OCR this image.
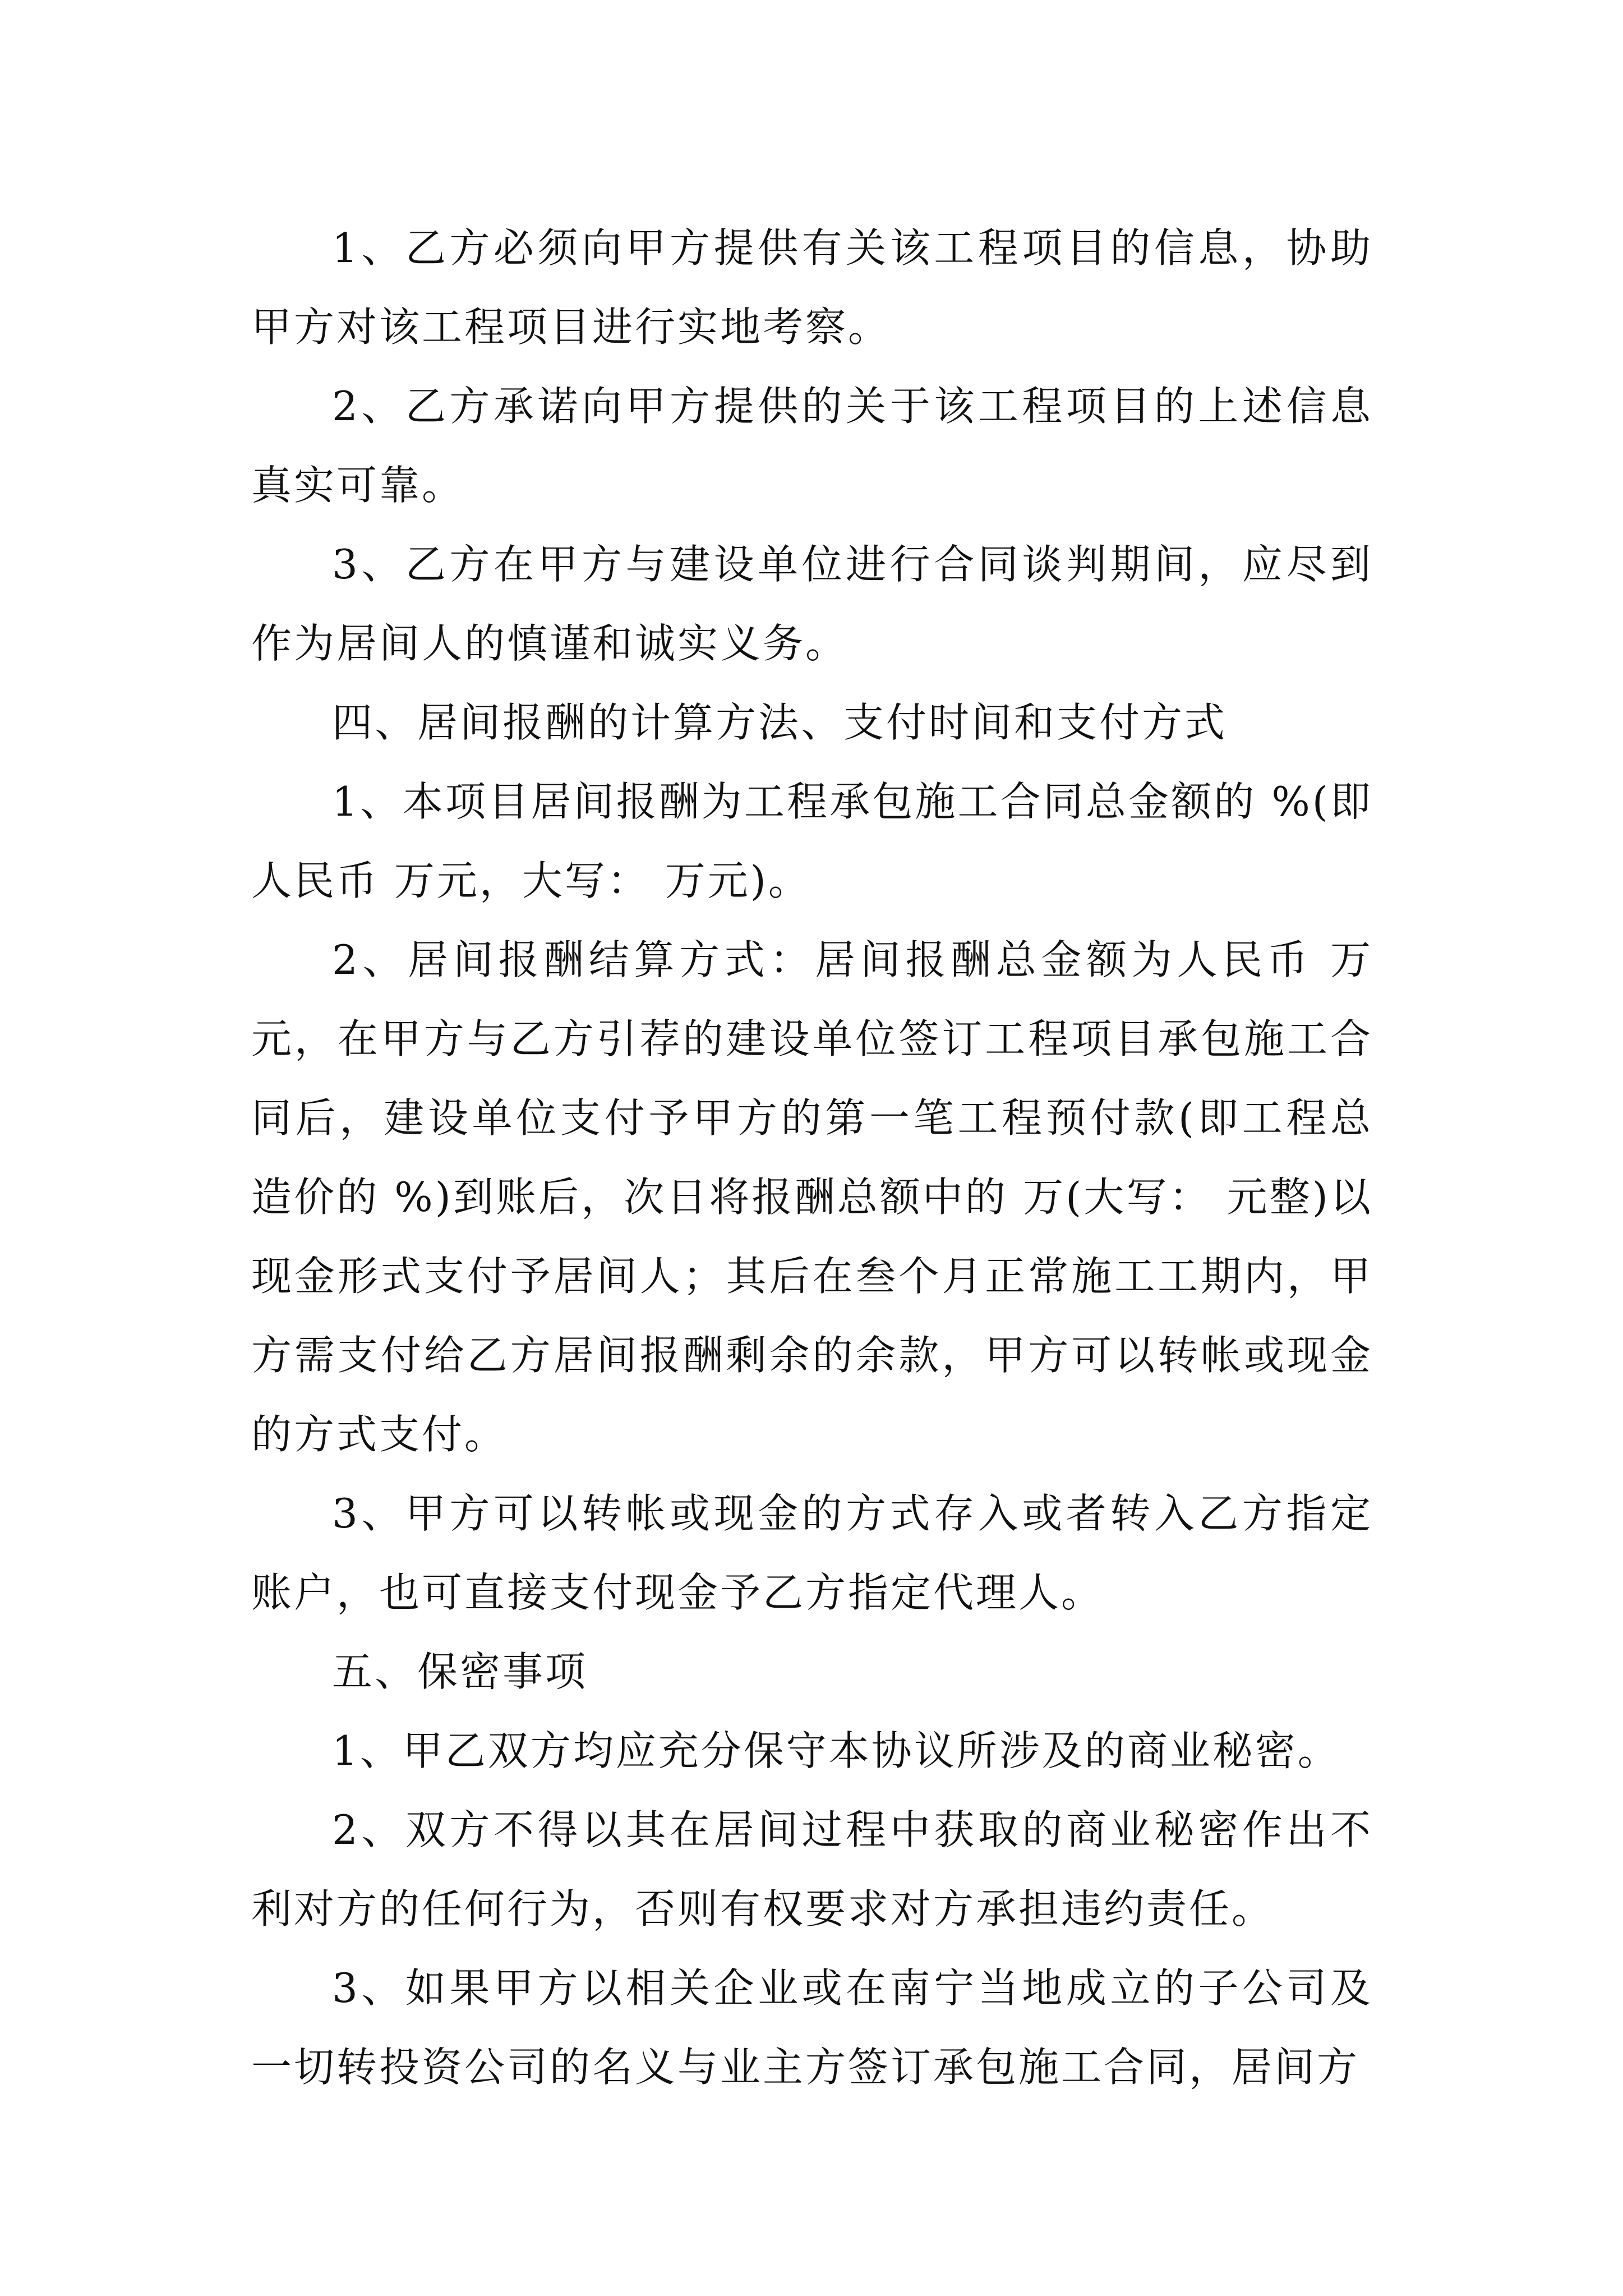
1、乙方必须向甲方提供有关该工程项目的信息，协助甲方对该工程项目进行实地考察。

2、乙方承诺向甲方提供的关于该工程项目的上述信息真实可靠。

3、乙方在甲方与建设单位进行合同谈判期间，应尽到作为居间人的慎谨和诚实义务。

四、居间报酬的计算方法、支付时间和支付方式

1、本项目居间报酬为工程承包施工合同总金额的 %(即人民币 万元，大写： 万元)。

2、居间报酬结算方式：居间报酬总金额为人民币 万元，在甲方与乙方引荐的建设单位签订工程项目承包施工合同后，建设单位支付予甲方的第一笔工程预付款(即工程总造价的 %)到账后，次日将报酬总额中的 万(大写： 元整)以现金形式支付予居间人；其后在叁个月正常施工工期内，甲方需支付给乙方居间报酬剩余的余款，甲方可以转帐或现金的方式支付。

3、甲方可以转帐或现金的方式存入或者转入乙方指定账户，也可直接支付现金予乙方指定代理人。

五、保密事项

1、甲乙双方均应充分保守本协议所涉及的商业秘密。

2、双方不得以其在居间过程中获取的商业秘密作出不利对方的任何行为，否则有权要求对方承担违约责任。

3、如果甲方以相关企业或在南宁当地成立的子公司及一切转投资公司的名义与业主方签订承包施工合同，居间方
